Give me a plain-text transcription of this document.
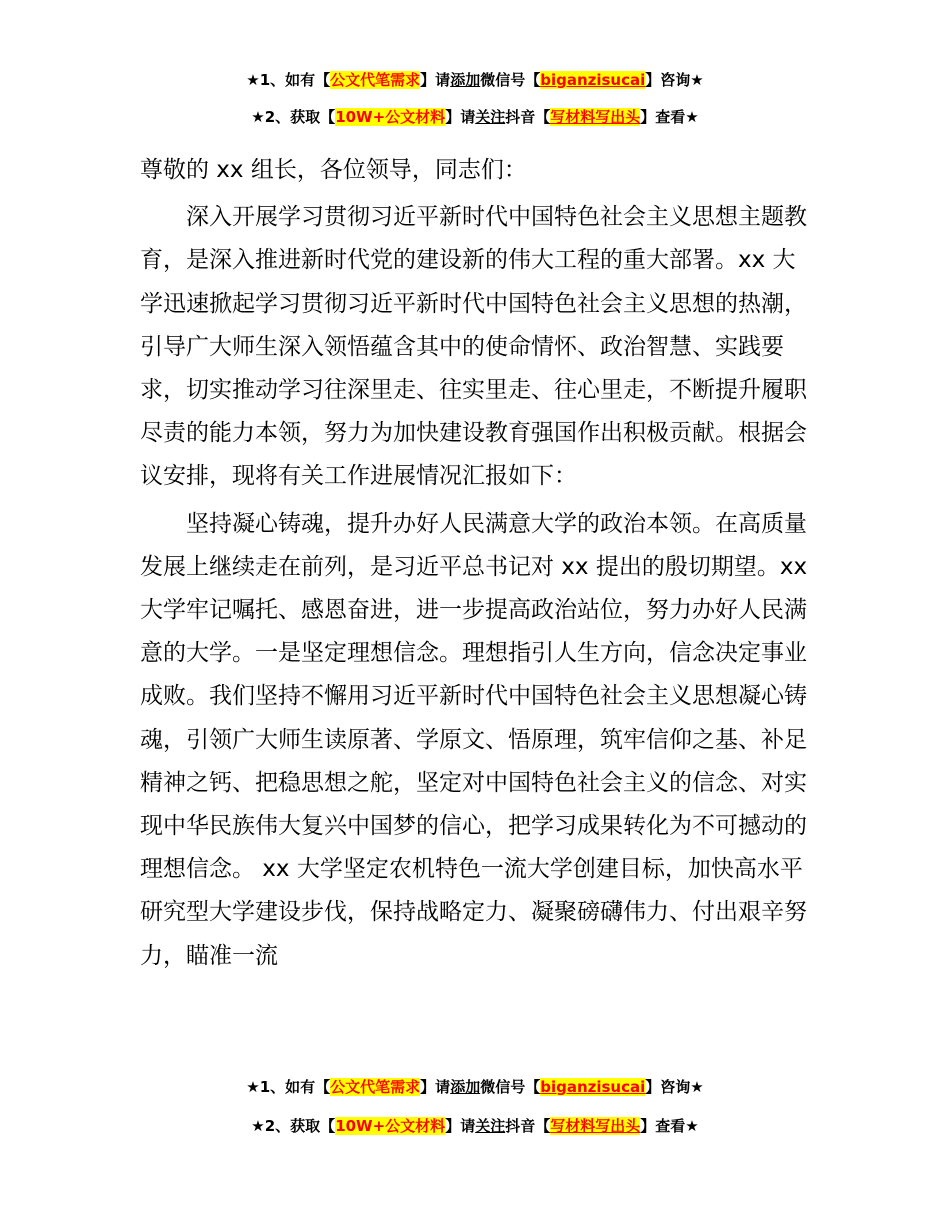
★1、如有【公文代笔需求】请添加微信号【biganzisucai】咨询★
★2、获取【10W+公文材料】请关注抖音【写材料写出头】查看★

尊敬的 xx 组长，各位领导，同志们：

深入开展学习贯彻习近平新时代中国特色社会主义思想主题教育，是深入推进新时代党的建设新的伟大工程的重大部署。xx 大学迅速掀起学习贯彻习近平新时代中国特色社会主义思想的热潮，引导广大师生深入领悟蕴含其中的使命情怀、政治智慧、实践要求，切实推动学习往深里走、往实里走、往心里走，不断提升履职尽责的能力本领，努力为加快建设教育强国作出积极贡献。根据会议安排，现将有关工作进展情况汇报如下：

坚持凝心铸魂，提升办好人民满意大学的政治本领。在高质量发展上继续走在前列，是习近平总书记对 xx 提出的殷切期望。xx 大学牢记嘱托、感恩奋进，进一步提高政治站位，努力办好人民满意的大学。一是坚定理想信念。理想指引人生方向，信念决定事业成败。我们坚持不懈用习近平新时代中国特色社会主义思想凝心铸魂，引领广大师生读原著、学原文、悟原理，筑牢信仰之基、补足精神之钙、把稳思想之舵，坚定对中国特色社会主义的信念、对实现中华民族伟大复兴中国梦的信心，把学习成果转化为不可撼动的理想信念。 xx 大学坚定农机特色一流大学创建目标，加快高水平研究型大学建设步伐，保持战略定力、凝聚磅礴伟力、付出艰辛努力，瞄准一流

★1、如有【公文代笔需求】请添加微信号【biganzisucai】咨询★
★2、获取【10W+公文材料】请关注抖音【写材料写出头】查看★
